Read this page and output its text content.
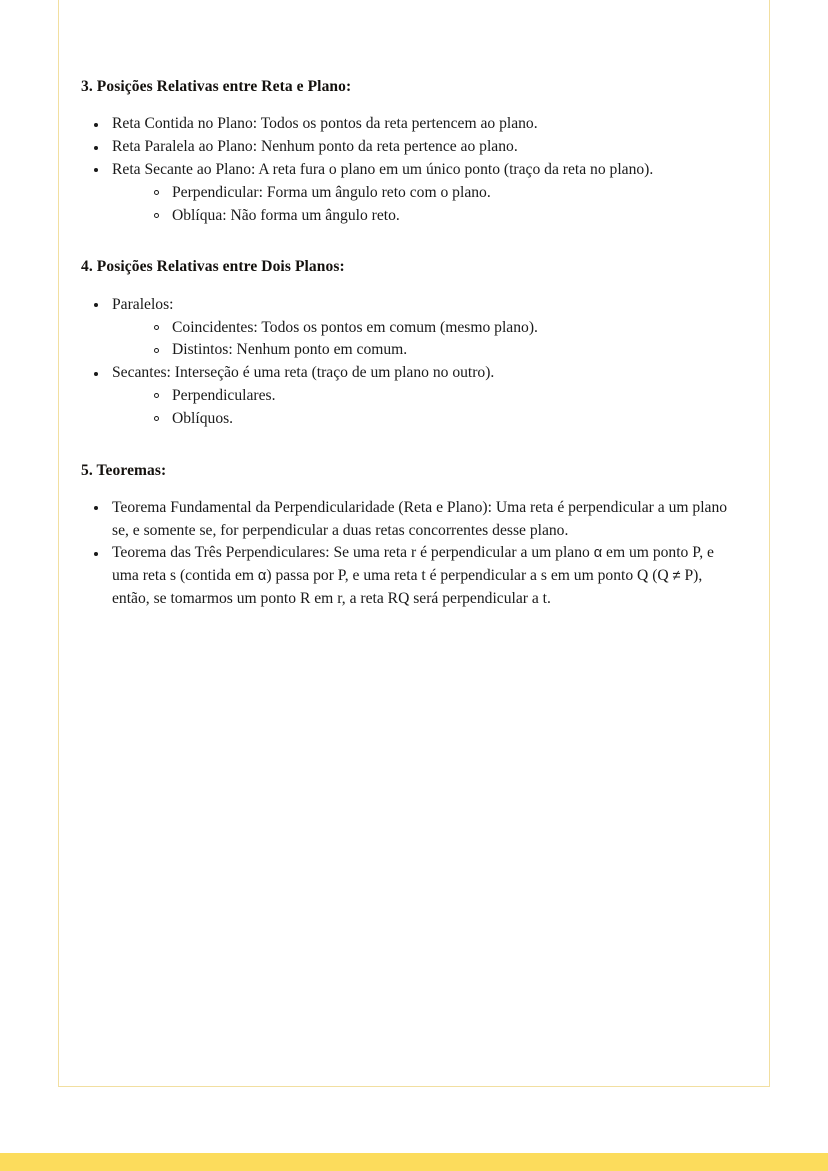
3. Posições Relativas entre Reta e Plano:
Reta Contida no Plano: Todos os pontos da reta pertencem ao plano.
Reta Paralela ao Plano: Nenhum ponto da reta pertence ao plano.
Reta Secante ao Plano: A reta fura o plano em um único ponto (traço da reta no plano).
Perpendicular: Forma um ângulo reto com o plano.
Oblíqua: Não forma um ângulo reto.
4. Posições Relativas entre Dois Planos:
Paralelos:
Coincidentes: Todos os pontos em comum (mesmo plano).
Distintos: Nenhum ponto em comum.
Secantes: Interseção é uma reta (traço de um plano no outro).
Perpendiculares.
Oblíquos.
5. Teoremas:
Teorema Fundamental da Perpendicularidade (Reta e Plano): Uma reta é perpendicular a um plano se, e somente se, for perpendicular a duas retas concorrentes desse plano.
Teorema das Três Perpendiculares: Se uma reta r é perpendicular a um plano α em um ponto P, e uma reta s (contida em α) passa por P, e uma reta t é perpendicular a s em um ponto Q (Q ≠ P), então, se tomarmos um ponto R em r, a reta RQ será perpendicular a t.
